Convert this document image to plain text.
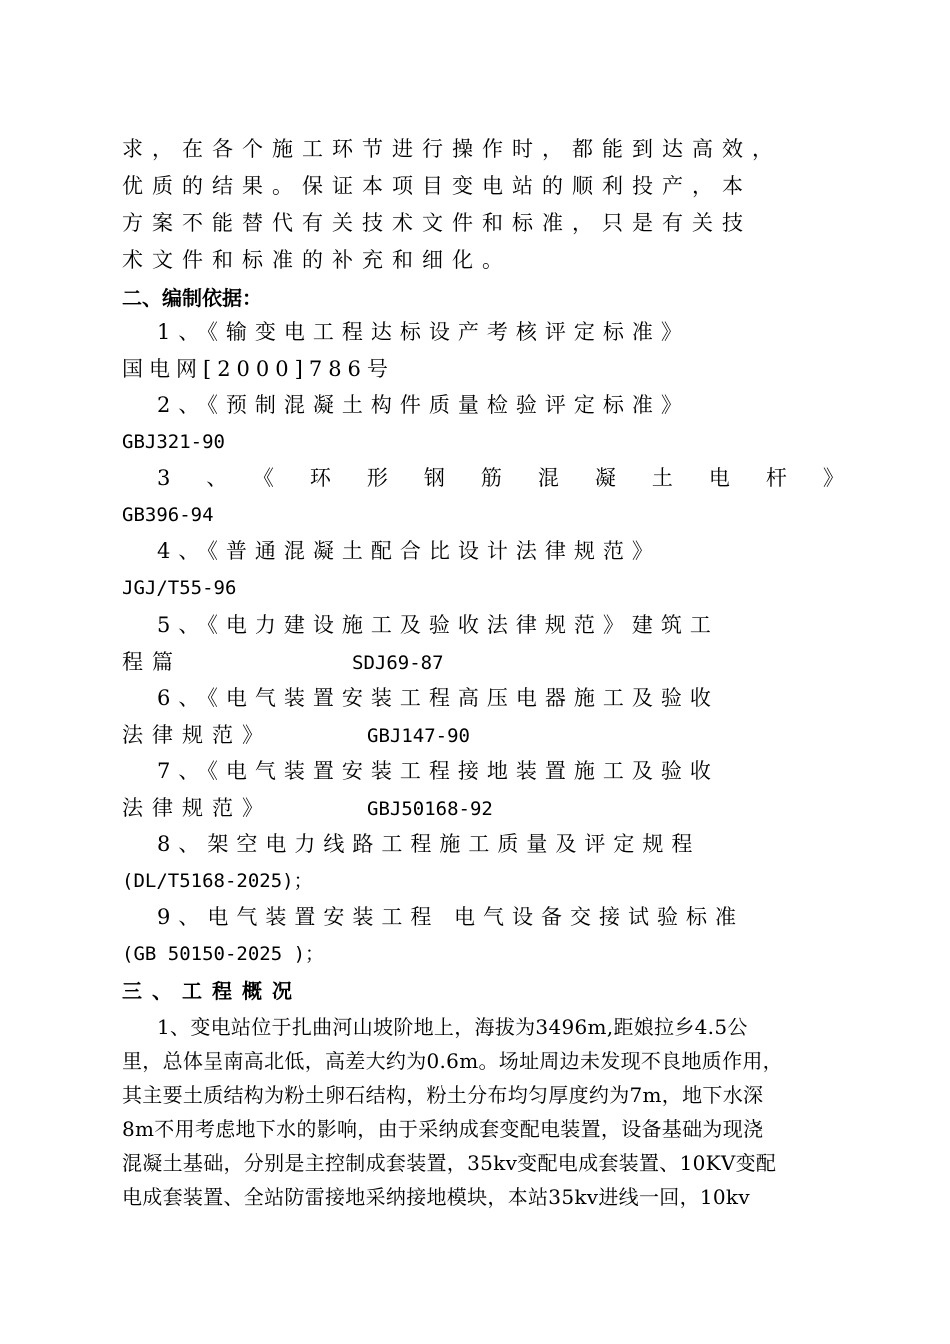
求，在各个施工环节进行操作时，都能到达高效，
优质的结果。保证本项目变电站的顺利投产，本
方案不能替代有关技术文件和标准，只是有关技
术文件和标准的补充和细化。
二、编制依据：
1、《输变电工程达标设产考核评定标准》
国电网[2000]786号
2、《预制混凝土构件质量检验评定标准》
GBJ321-90
3、《环形钢筋混凝土电杆》
GB396-94
4、《普通混凝土配合比设计法律规范》
JGJ/T55-96
5、《电力建设施工及验收法律规范》建筑工
程篇	SDJ69-87
6、《电气装置安装工程高压电器施工及验收
法律规范》	GBJ147-90
7、《电气装置安装工程接地装置施工及验收
法律规范》	GBJ50168-92
8、架空电力线路工程施工质量及评定规程
(DL/T5168-2025)；
9、电气装置安装工程 电气设备交接试验标准
(GB 50150-2025 )；
三、工程概况
1、变电站位于扎曲河山坡阶地上，海拔为3496m,距娘拉乡4.5公
里，总体呈南高北低，高差大约为0.6m。场址周边未发现不良地质作用，
其主要土质结构为粉土卵石结构，粉土分布均匀厚度约为7m，地下水深
8m不用考虑地下水的影响，由于采纳成套变配电装置，设备基础为现浇
混凝土基础，分别是主控制成套装置，35kv变配电成套装置、10KV变配
电成套装置、全站防雷接地采纳接地模块，本站35kv进线一回，10kv
